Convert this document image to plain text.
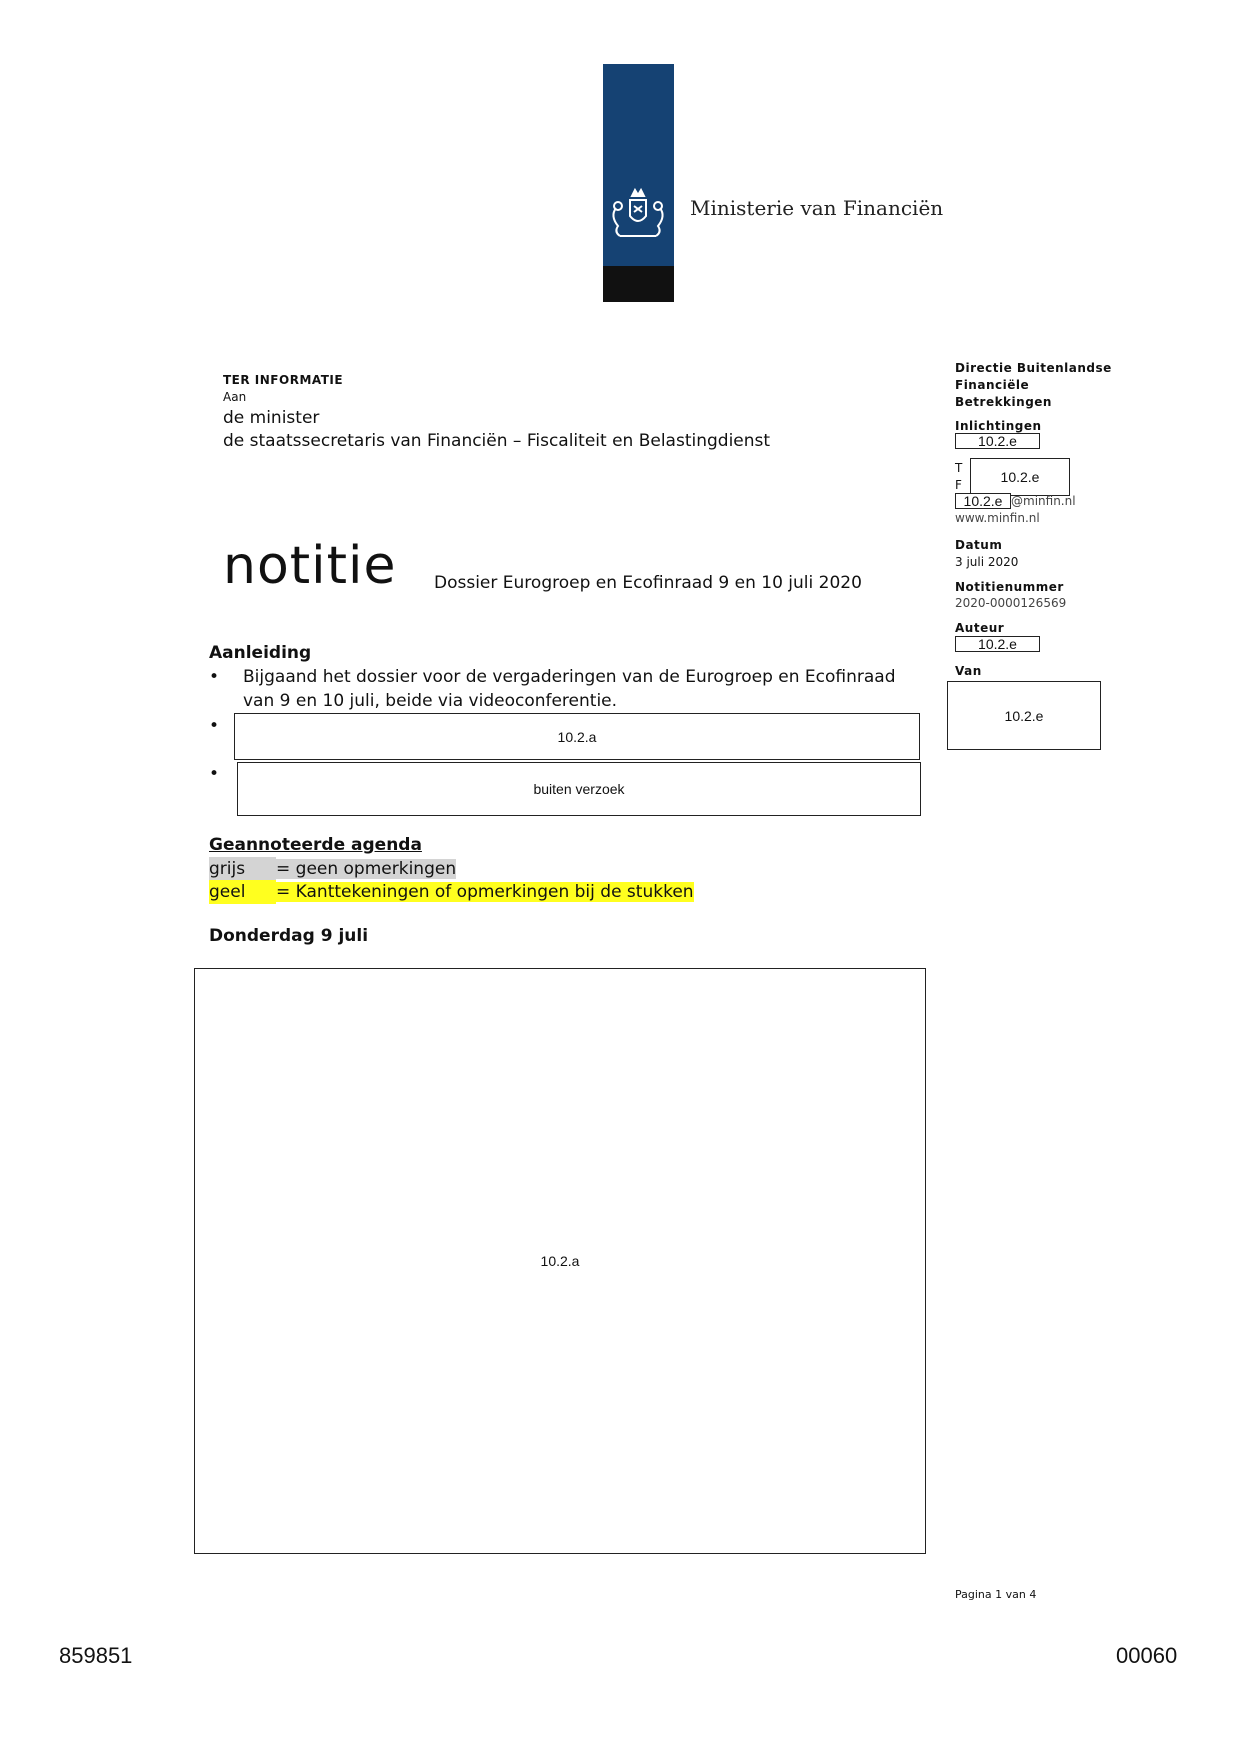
Ministerie van Financiën
TER INFORMATIE
Aan
de minister
de staatssecretaris van Financiën – Fiscaliteit en Belastingdienst
notitie Dossier Eurogroep en Ecofinraad 9 en 10 juli 2020
Directie Buitenlandse
Financiële
Betrekkingen
Inlichtingen
10.2.e
T
F	10.2.e
10.2.e @minfin.nl
www.minfin.nl
Datum
3 juli 2020
Notitienummer
2020-0000126569
Auteur
10.2.e
Van
10.2.e
Aanleiding
• Bijgaand het dossier voor de vergaderingen van de Eurogroep en Ecofinraad
van 9 en 10 juli, beide via videoconferentie.
•
10.2.a
•
buiten verzoek
Geannoteerde agenda
grijs = geen opmerkingen
geel = Kanttekeningen of opmerkingen bij de stukken
Donderdag 9 juli
10.2.a
Pagina 1 van 4
859851	00060
